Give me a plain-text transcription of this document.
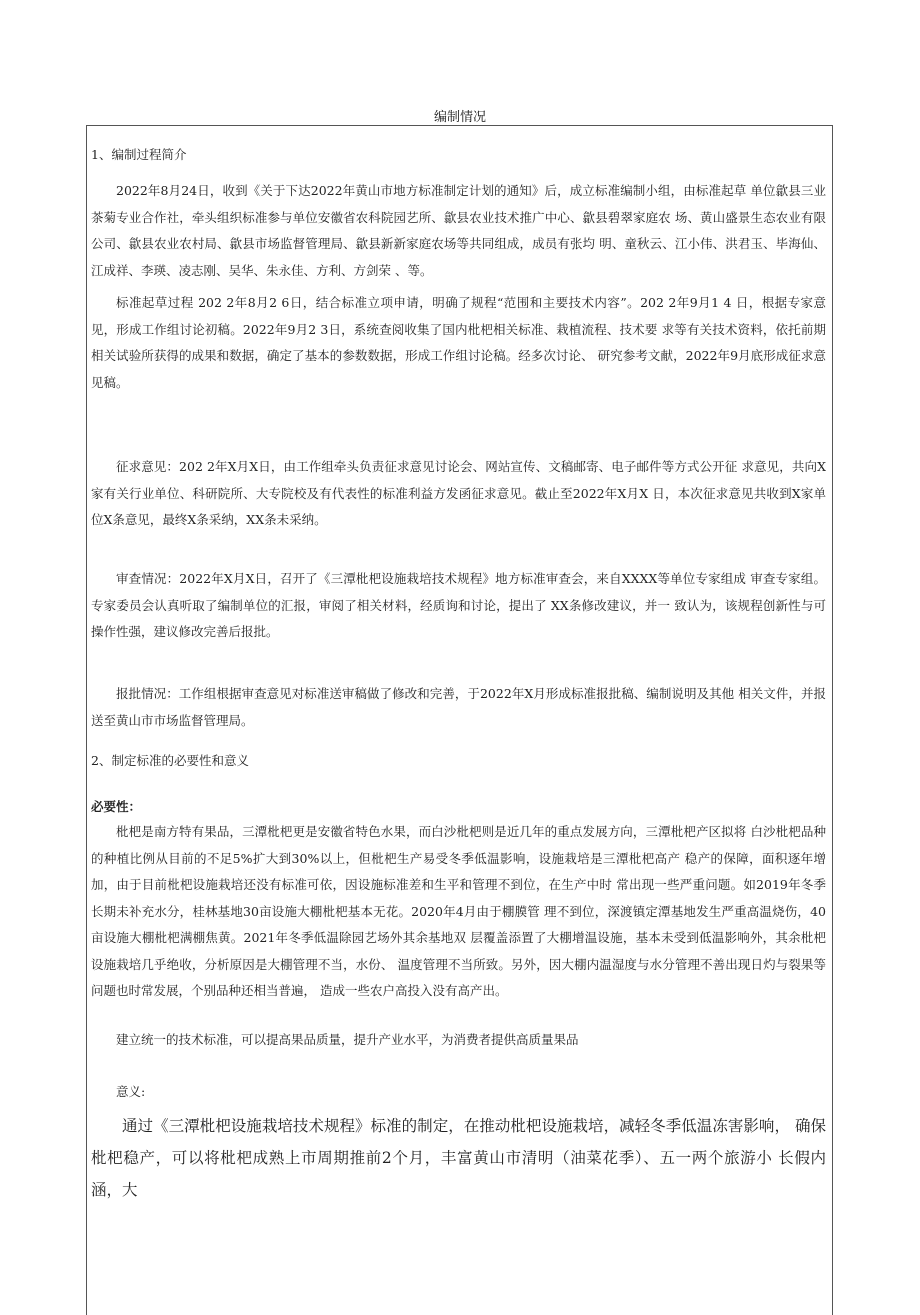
编制情况
1、编制过程简介
2022年8月24日，收到《关于下达2022年黄山市地方标准制定计划的通知》后，成立标准编制小组，由标准起草 单位歙县三业茶菊专业合作社，牵头组织标准参与单位安徽省农科院园艺所、歙县农业技术推广中心、歙县碧翠家庭农 场、黄山盛景生态农业有限公司、歙县农业农村局、歙县市场监督管理局、歙县新新家庭农场等共同组成，成员有张均 明、童秋云、江小伟、洪君玉、毕海仙、江成祥、李瑛、凌志刚、吴华、朱永佳、方利、方剑荣 、等。
标准起草过程 202 2年8月2 6日，结合标准立项申请，明确了规程“范围和主要技术内容”。202 2年9月1 4 日，根据专家意见，形成工作组讨论初稿。2022年9月2 3日，系统查阅收集了国内枇杷相关标准、栽植流程、技术要 求等有关技术资料，依托前期相关试验所获得的成果和数据，确定了基本的参数数据，形成工作组讨论稿。经多次讨论、 研究参考文献，2022年9月底形成征求意见稿。
征求意见：202 2年X月X日，由工作组牵头负责征求意见讨论会、网站宣传、文稿邮寄、电子邮件等方式公开征 求意见，共向X家有关行业单位、科研院所、大专院校及有代表性的标准利益方发函征求意见。截止至2022年X月X 日，本次征求意见共收到X家单位X条意见，最终X条采纳，XX条未采纳。
审查情况：2022年X月X日，召开了《三潭枇杷设施栽培技术规程》地方标准审查会，来自XXXX等单位专家组成 审查专家组。专家委员会认真听取了编制单位的汇报，审阅了相关材料，经质询和讨论，提出了 XX条修改建议，并一 致认为，该规程创新性与可操作性强，建议修改完善后报批。
报批情况：工作组根据审查意见对标准送审稿做了修改和完善，于2022年X月形成标准报批稿、编制说明及其他 相关文件，并报送至黄山市市场监督管理局。
2、制定标准的必要性和意义
必要性：
枇杷是南方特有果品，三潭枇杷更是安徽省特色水果，而白沙枇杷则是近几年的重点发展方向，三潭枇杷产区拟将 白沙枇杷品种的种植比例从目前的不足5%扩大到30%以上，但枇杷生产易受冬季低温影响，设施栽培是三潭枇杷高产 稳产的保障，面积逐年增加，由于目前枇杷设施栽培还没有标准可依，因设施标准差和生平和管理不到位，在生产中时 常出现一些严重问题。如2019年冬季长期未补充水分，桂林基地30亩设施大棚枇杷基本无花。2020年4月由于棚膜管 理不到位，深渡镇定潭基地发生严重高温烧伤，40亩设施大棚枇杷满棚焦黄。2021年冬季低温除园艺场外其余基地双 层覆盖添置了大棚增温设施，基本未受到低温影响外，其余枇杷设施栽培几乎绝收，分析原因是大棚管理不当，水份、 温度管理不当所致。另外，因大棚内温湿度与水分管理不善出现日灼与裂果等问题也时常发展，个别品种还相当普遍， 造成一些农户高投入没有高产出。
建立统一的技术标准，可以提高果品质量，提升产业水平，为消费者提供高质量果品
意义:
通过《三潭枇杷设施栽培技术规程》标准的制定，在推动枇杷设施栽培，减轻冬季低温冻害影响， 确保枇杷稳产，可以将枇杷成熟上市周期推前2个月，丰富黄山市清明（油菜花季）、五一两个旅游小 长假内涵，大
